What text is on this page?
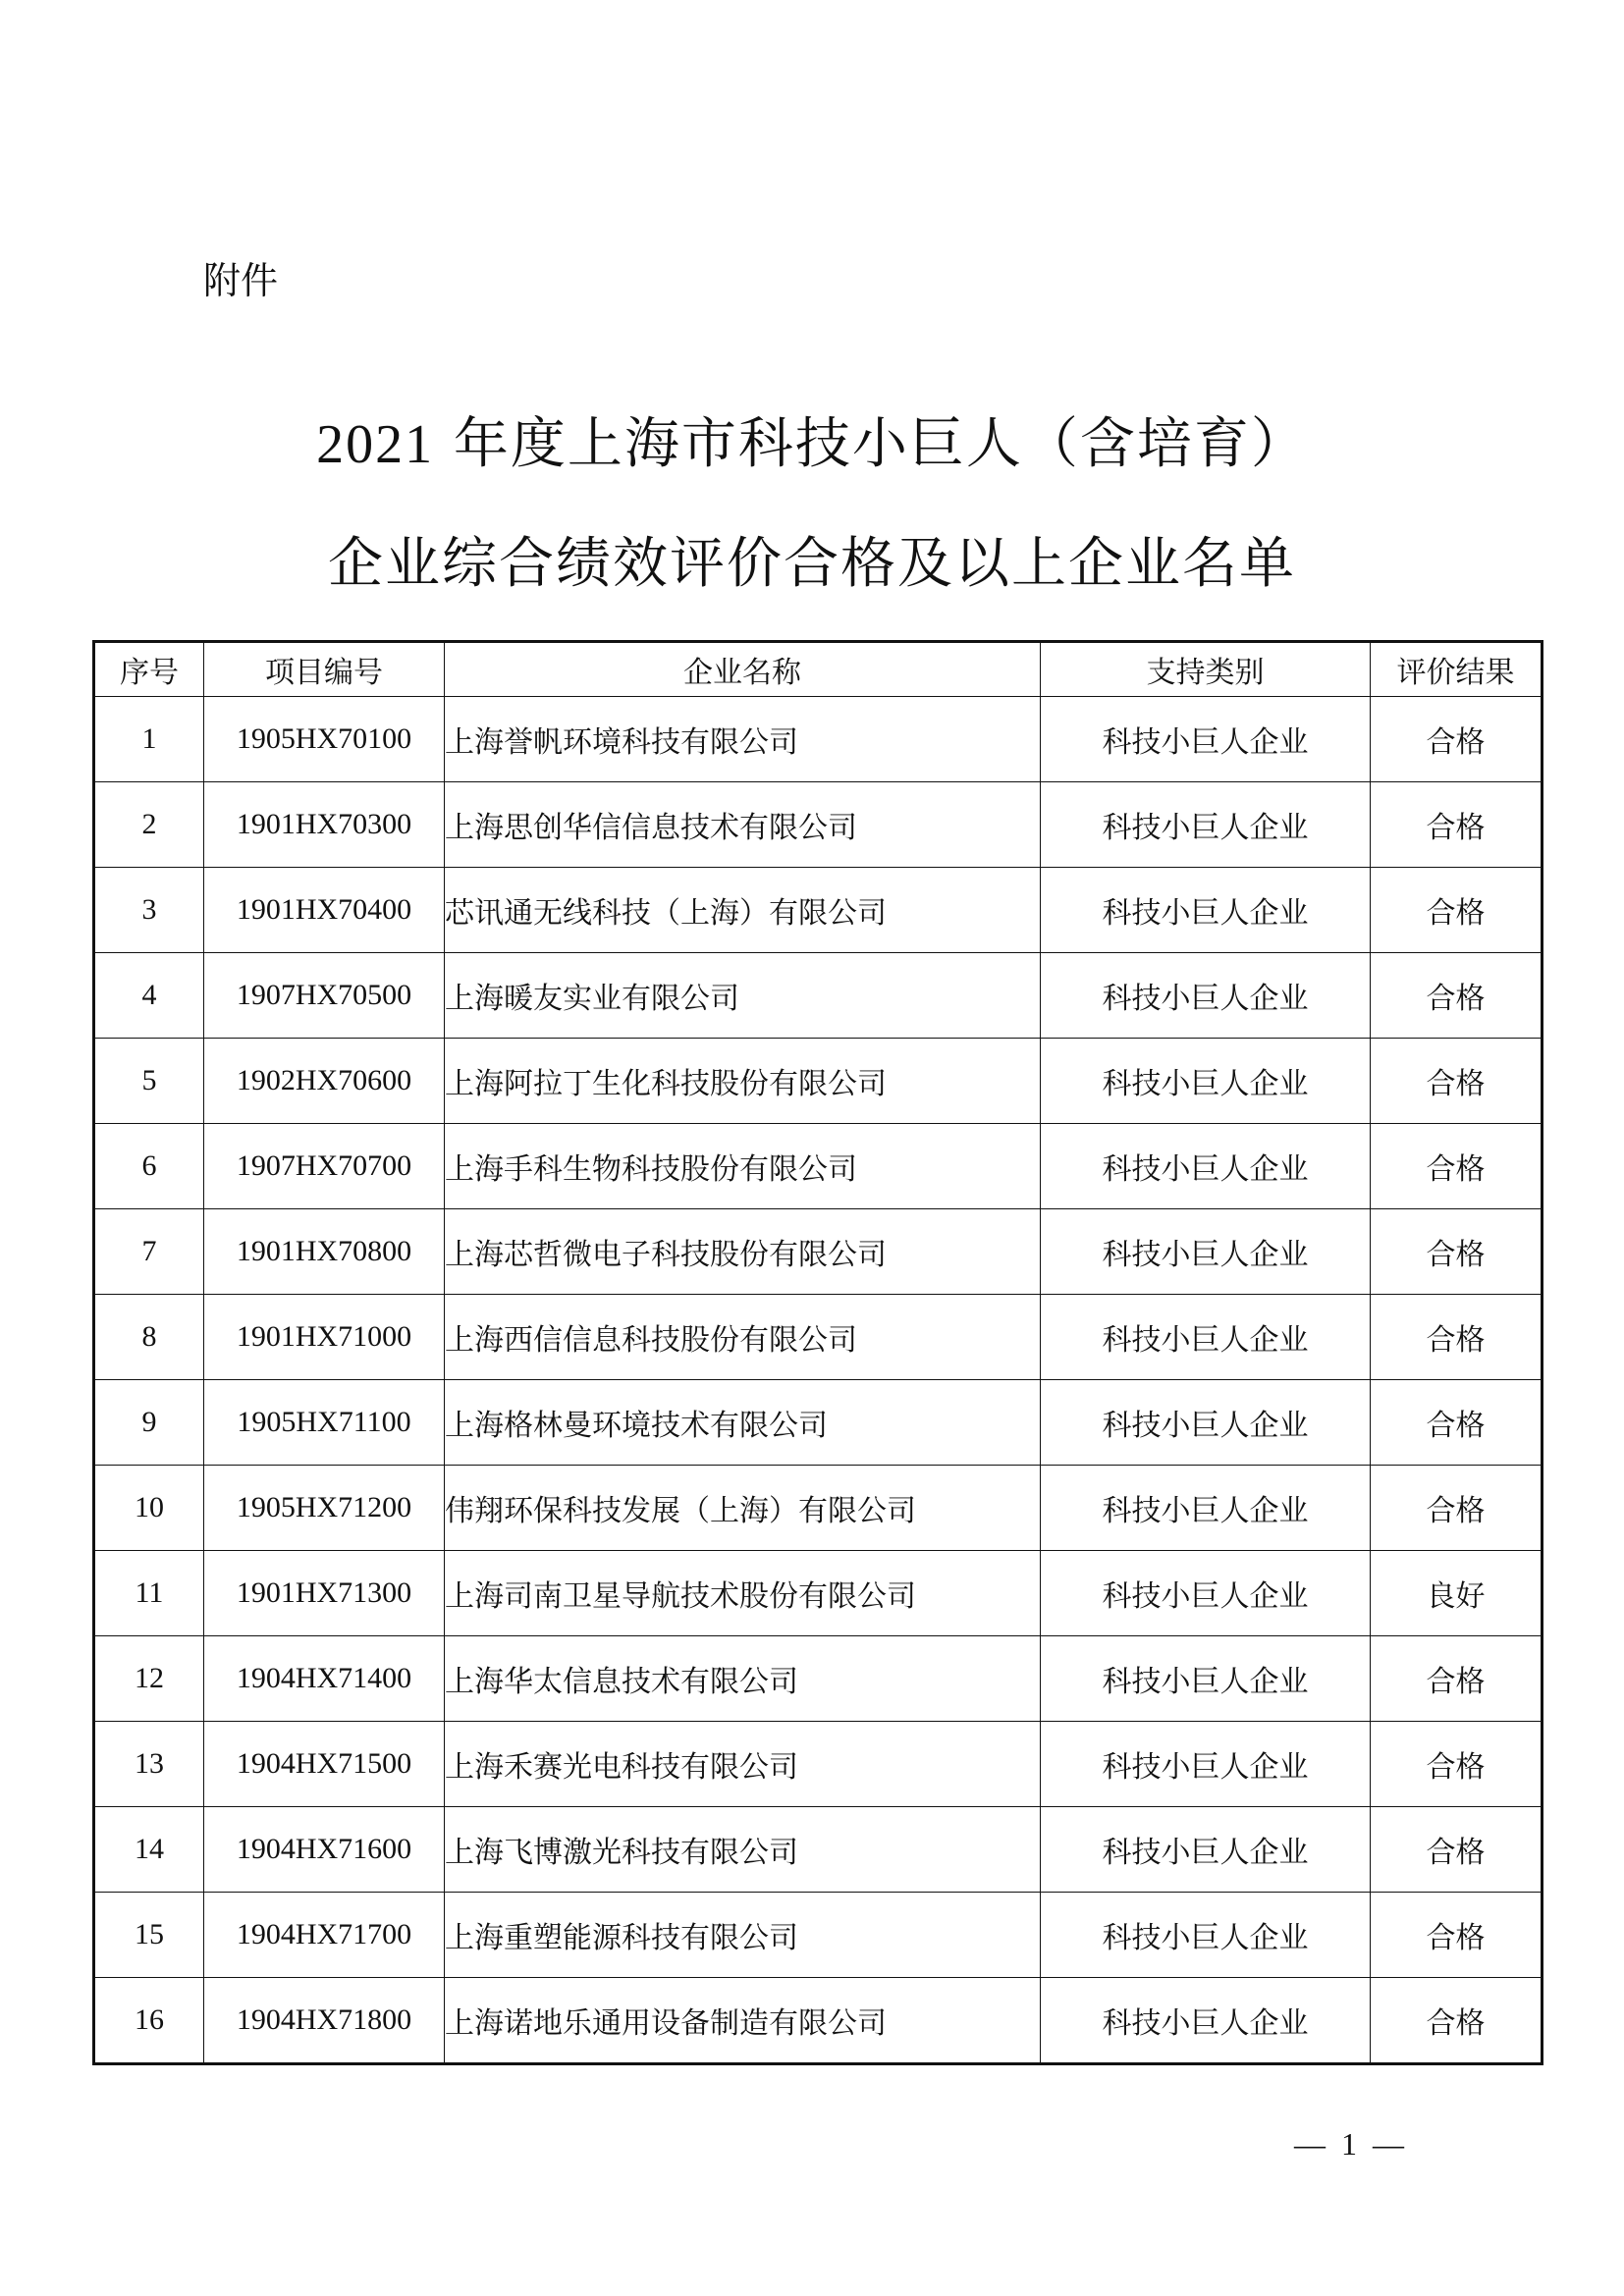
附件
2021 年度上海市科技小巨人（含培育）
企业综合绩效评价合格及以上企业名单
序号	项目编号	企业名称	支持类别	评价结果
1	1905HX70100	上海誉帆环境科技有限公司	科技小巨人企业	合格
2	1901HX70300	上海思创华信信息技术有限公司	科技小巨人企业	合格
3	1901HX70400	芯讯通无线科技（上海）有限公司	科技小巨人企业	合格
4	1907HX70500	上海暖友实业有限公司	科技小巨人企业	合格
5	1902HX70600	上海阿拉丁生化科技股份有限公司	科技小巨人企业	合格
6	1907HX70700	上海手科生物科技股份有限公司	科技小巨人企业	合格
7	1901HX70800	上海芯哲微电子科技股份有限公司	科技小巨人企业	合格
8	1901HX71000	上海西信信息科技股份有限公司	科技小巨人企业	合格
9	1905HX71100	上海格林曼环境技术有限公司	科技小巨人企业	合格
10	1905HX71200	伟翔环保科技发展（上海）有限公司	科技小巨人企业	合格
11	1901HX71300	上海司南卫星导航技术股份有限公司	科技小巨人企业	良好
12	1904HX71400	上海华太信息技术有限公司	科技小巨人企业	合格
13	1904HX71500	上海禾赛光电科技有限公司	科技小巨人企业	合格
14	1904HX71600	上海飞博激光科技有限公司	科技小巨人企业	合格
15	1904HX71700	上海重塑能源科技有限公司	科技小巨人企业	合格
16	1904HX71800	上海诺地乐通用设备制造有限公司	科技小巨人企业	合格
— 1 —
